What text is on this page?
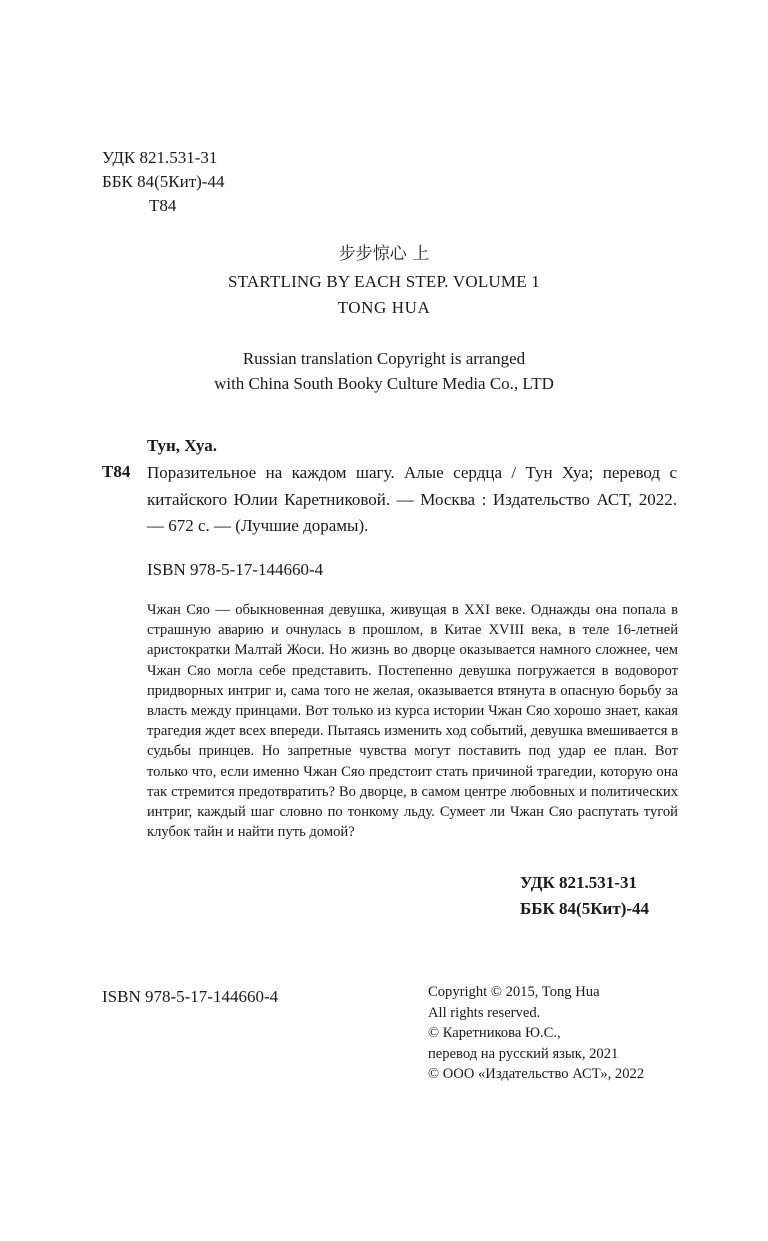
УДК 821.531-31
ББК 84(5Кит)-44
Т84
步步惊心 上
STARTLING BY EACH STEP. VOLUME 1
TONG HUA
Russian translation Copyright is arranged
with China South Booky Culture Media Co., LTD
Тун, Хуа.
Т84 Поразительное на каждом шагу. Алые сердца / Тун Хуа; перевод с китайского Юлии Каретниковой. — Москва : Издательство АСТ, 2022. — 672 с. — (Лучшие дорамы).
ISBN 978-5-17-144660-4
Чжан Сяо — обыкновенная девушка, живущая в XXI веке. Однажды она попала в страшную аварию и очнулась в прошлом, в Китае XVIII века, в теле 16-летней аристократки Малтай Жоси. Но жизнь во дворце оказывается намного сложнее, чем Чжан Сяо могла себе представить. Постепенно девушка погружается в водоворот придворных интриг и, сама того не желая, оказывается втянута в опасную борьбу за власть между принцами. Вот только из курса истории Чжан Сяо хорошо знает, какая трагедия ждет всех впереди. Пытаясь изменить ход событий, девушка вмешивается в судьбы принцев. Но запретные чувства могут поставить под удар ее план. Вот только что, если именно Чжан Сяо предстоит стать причиной трагедии, которую она так стремится предотвратить? Во дворце, в самом центре любовных и политических интриг, каждый шаг словно по тонкому льду. Сумеет ли Чжан Сяо распутать тугой клубок тайн и найти путь домой?
УДК 821.531-31
ББК 84(5Кит)-44
ISBN 978-5-17-144660-4	Copyright © 2015, Tong Hua
All rights reserved.
© Каретникова Ю.С.,
перевод на русский язык, 2021
© ООО «Издательство АСТ», 2022
